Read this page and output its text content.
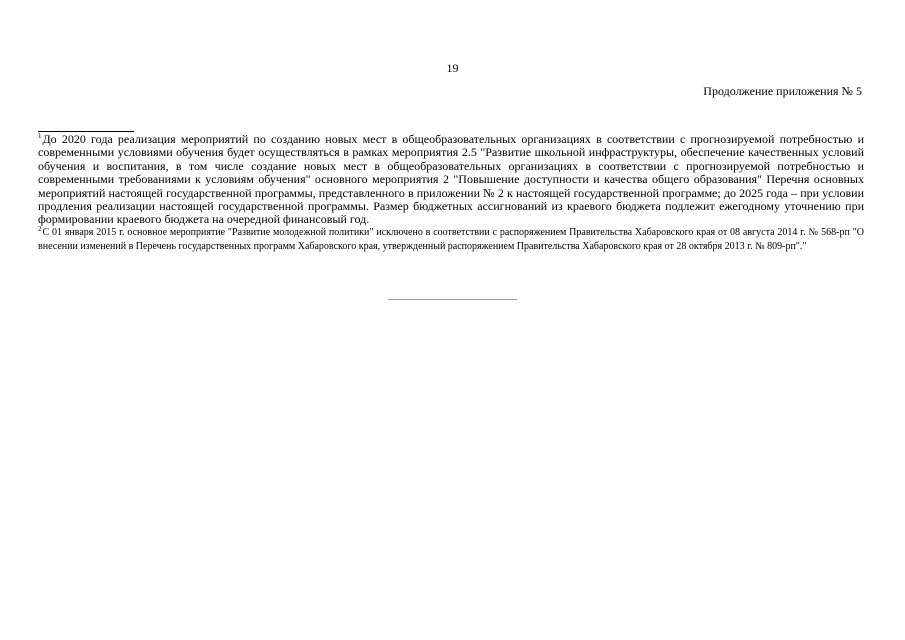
19
Продолжение приложения № 5
$^1$До 2020 года реализация мероприятий по созданию новых мест в общеобразовательных организациях в соответствии с прогнозируемой потребностью и современными условиями обучения будет осуществляться в рамках мероприятия 2.5 "Развитие школьной инфраструктуры, обеспечение качественных условий обучения и воспитания, в том числе создание новых мест в общеобразовательных организациях в соответствии с прогнозируемой потребностью и современными требованиями к условиям обучения" основного мероприятия 2 "Повышение доступности и качества общего образования" Перечня основных мероприятий настоящей государственной программы, представленного в приложении № 2 к настоящей государственной программе; до 2025 года – при условии продления реализации настоящей государственной программы. Размер бюджетных ассигнований из краевого бюджета подлежит ежегодному уточнению при формировании краевого бюджета на очередной финансовый год.
$^2$С 01 января 2015 г. основное мероприятие "Развитие молодежной политики" исключено в соответствии с распоряжением Правительства Хабаровского края от 08 августа 2014 г. № 568-рп "О внесении изменений в Перечень государственных программ Хабаровского края, утвержденный распоряжением Правительства Хабаровского края от 28 октября 2013 г. № 809-рп"."
